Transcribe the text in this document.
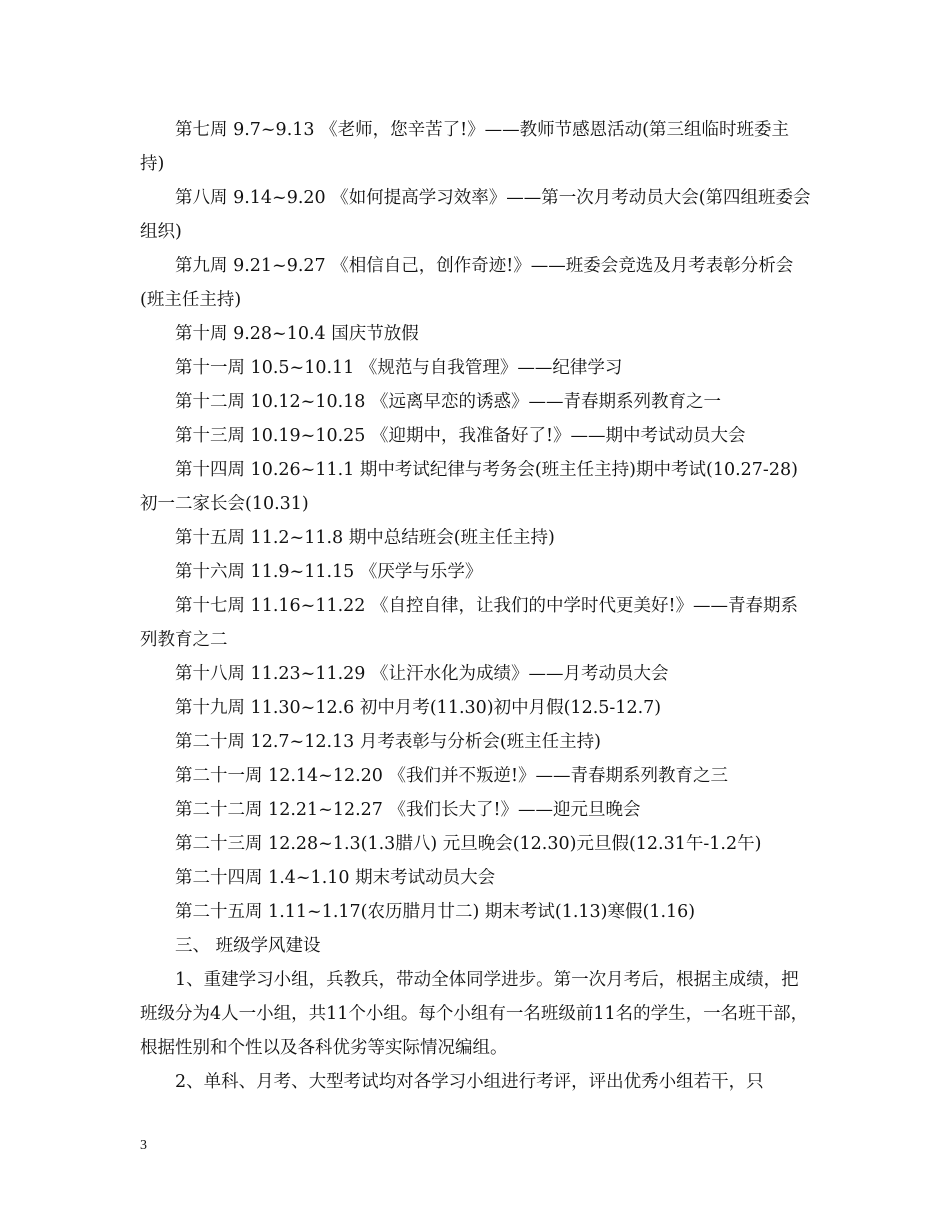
第七周 9.7~9.13 《老师，您辛苦了!》——教师节感恩活动(第三组临时班委主持)

第八周 9.14~9.20 《如何提高学习效率》——第一次月考动员大会(第四组班委会组织)

第九周 9.21~9.27 《相信自己，创作奇迹!》——班委会竞选及月考表彰分析会(班主任主持)

第十周 9.28~10.4 国庆节放假

第十一周 10.5~10.11 《规范与自我管理》——纪律学习

第十二周 10.12~10.18 《远离早恋的诱惑》——青春期系列教育之一

第十三周 10.19~10.25 《迎期中，我准备好了!》——期中考试动员大会

第十四周 10.26~11.1 期中考试纪律与考务会(班主任主持)期中考试(10.27-28)初一二家长会(10.31)

第十五周 11.2~11.8 期中总结班会(班主任主持)

第十六周 11.9~11.15 《厌学与乐学》

第十七周 11.16~11.22 《自控自律，让我们的中学时代更美好!》——青春期系列教育之二

第十八周 11.23~11.29 《让汗水化为成绩》——月考动员大会

第十九周 11.30~12.6 初中月考(11.30)初中月假(12.5-12.7)

第二十周 12.7~12.13 月考表彰与分析会(班主任主持)

第二十一周 12.14~12.20 《我们并不叛逆!》——青春期系列教育之三

第二十二周 12.21~12.27 《我们长大了!》——迎元旦晚会

第二十三周 12.28~1.3(1.3腊八) 元旦晚会(12.30)元旦假(12.31午-1.2午)

第二十四周 1.4~1.10 期末考试动员大会

第二十五周 1.11~1.17(农历腊月廿二) 期末考试(1.13)寒假(1.16)

三、 班级学风建设

1、重建学习小组，兵教兵，带动全体同学进步。第一次月考后，根据主成绩，把班级分为4人一小组，共11个小组。每个小组有一名班级前11名的学生，一名班干部，根据性别和个性以及各科优劣等实际情况编组。

2、单科、月考、大型考试均对各学习小组进行考评，评出优秀小组若干，只

3
